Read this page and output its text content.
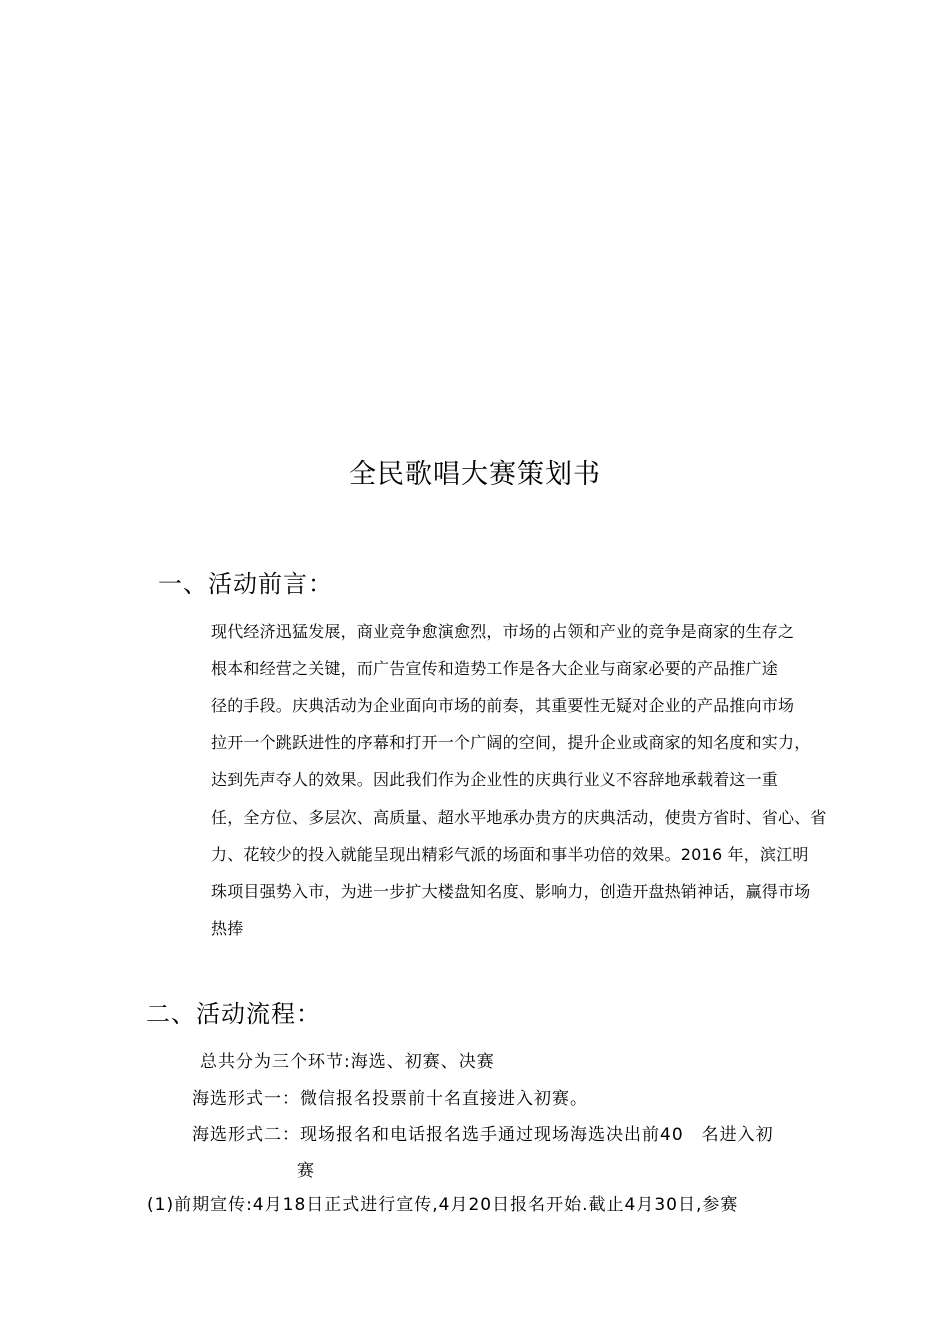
全民歌唱大赛策划书
一、活动前言：
现代经济迅猛发展，商业竞争愈演愈烈，市场的占领和产业的竞争是商家的生存之
根本和经营之关键，而广告宣传和造势工作是各大企业与商家必要的产品推广途
径的手段。庆典活动为企业面向市场的前奏，其重要性无疑对企业的产品推向市场
拉开一个跳跃进性的序幕和打开一个广阔的空间，提升企业或商家的知名度和实力，
达到先声夺人的效果。因此我们作为企业性的庆典行业义不容辞地承载着这一重
任，全方位、多层次、高质量、超水平地承办贵方的庆典活动，使贵方省时、省心、省
力、花较少的投入就能呈现出精彩气派的场面和事半功倍的效果。2016 年，滨江明
珠项目强势入市，为进一步扩大楼盘知名度、影响力，创造开盘热销神话，赢得市场
热捧
二、活动流程：
总共分为三个环节:海选、初赛、决赛
海选形式一：微信报名投票前十名直接进入初赛。
海选形式二：现场报名和电话报名选手通过现场海选决出前40　名进入初
赛
(1)前期宣传:4月18日正式进行宣传,4月20日报名开始.截止4月30日,参赛
